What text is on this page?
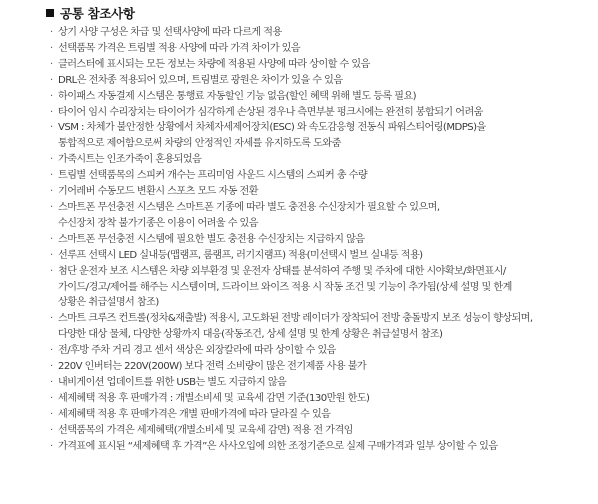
공통 참조사항
· 상기 사양 구성은 차급 및 선택사양에 따라 다르게 적용
· 선택품목 가격은 트림별 적용 사양에 따라 가격 차이가 있음
· 클러스터에 표시되는 모든 정보는 차량에 적용된 사양에 따라 상이할 수 있음
· DRL은 전차종 적용되어 있으며, 트림별로 광원은 차이가 있을 수 있음
· 하이패스 자동결제 시스템은 통행료 자동할인 기능 없음(할인 혜택 위해 별도 등록 필요)
· 타이어 임시 수리장치는 타이어가 심각하게 손상된 경우나 측면부분 펑크시에는 완전히 봉합되기 어려움
· VSM : 차체가 불안정한 상황에서 차체자세제어장치(ESC) 와 속도감응형 전동식 파워스티어링(MDPS)을
통합적으로 제어함으로써 차량의 안정적인 자세를 유지하도록 도와줌
· 가죽시트는 인조가죽이 혼용되었음
· 트림별 선택품목의 스피커 개수는 프리미엄 사운드 시스템의 스피커 총 수량
· 기어레버 수동모드 변환시 스포츠 모드 자동 전환
· 스마트폰 무선충전 시스템은 스마트폰 기종에 따라 별도 충전용 수신장치가 필요할 수 있으며,
수신장치 장착 불가기종은 이용이 어려울 수 있음
· 스마트폰 무선충전 시스템에 필요한 별도 충전용 수신장치는 지급하지 않음
· 선루프 선택시 LED 실내등(맵램프, 룸램프, 러기지램프) 적용(미선택시 벌브 실내등 적용)
· 첨단 운전자 보조 시스템은 차량 외부환경 및 운전자 상태를 분석하여 주행 및 주차에 대한 시야확보/화면표시/
가이드/경고/제어를 해주는 시스템이며, 드라이브 와이즈 적용 시 작동 조건 및 기능이 추가됨(상세 설명 및 한계
상황은 취급설명서 참조)
· 스마트 크루즈 컨트롤(정차&재출발) 적용시, 고도화된 전방 레이더가 장착되어 전방 충돌방지 보조 성능이 향상되며,
다양한 대상 물체, 다양한 상황까지 대응(작동조건, 상세 설명 및 한계 상황은 취급설명서 참조)
· 전/후방 주차 거리 경고 센서 색상은 외장칼라에 따라 상이할 수 있음
· 220V 인버터는 220V(200W) 보다 전력 소비량이 많은 전기제품 사용 불가
· 내비게이션 업데이트를 위한 USB는 별도 지급하지 않음
· 세제혜택 적용 후 판매가격 : 개별소비세 및 교육세 감면 기준(130만원 한도)
· 세제혜택 적용 후 판매가격은 개별 판매가격에 따라 달라질 수 있음
· 선택품목의 가격은 세제혜택(개별소비세 및 교육세 감면) 적용 전 가격임
· 가격표에 표시된 “세제혜택 후 가격”은 사사오입에 의한 조정기준으로 실제 구매가격과 일부 상이할 수 있음
